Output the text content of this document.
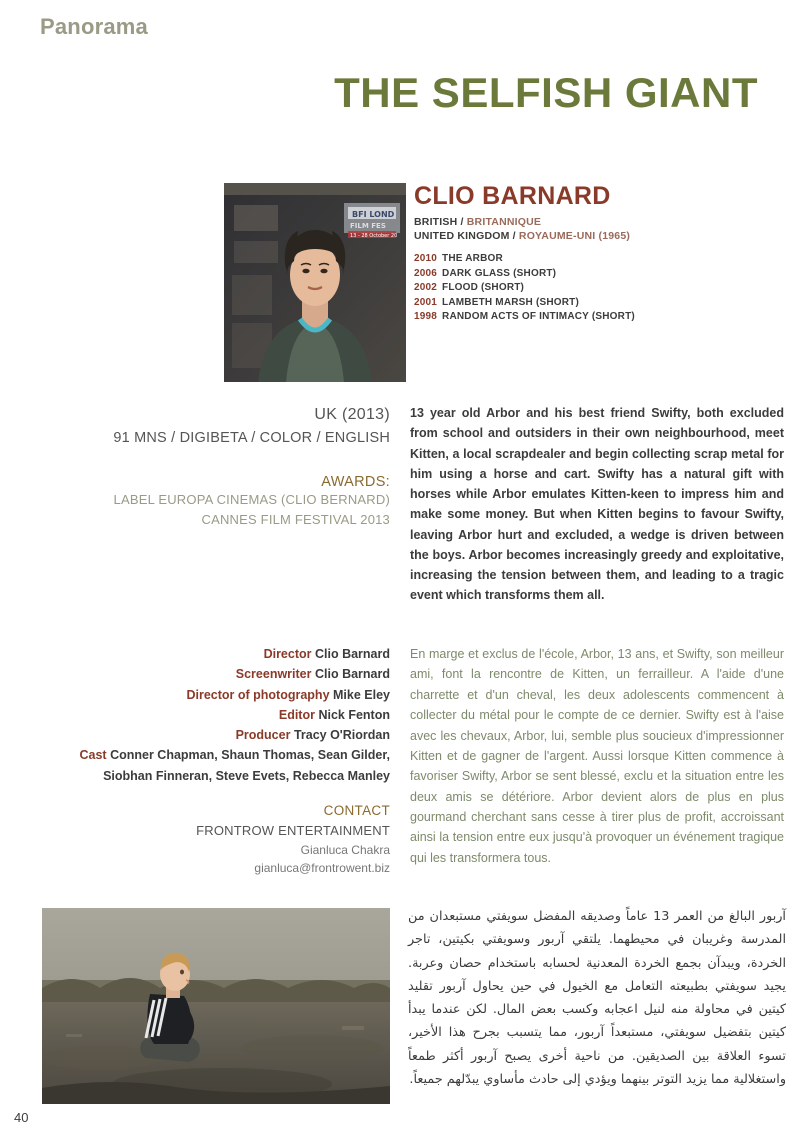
Panorama
THE SELFISH GIANT
BFI LOND
FILM FES
13 - 28 October 20
CLIO BARNARD
BRITISH / BRITANNIQUE
UNITED KINGDOM / ROYAUME-UNI (1965)
2010 THE ARBOR
2006 DARK GLASS (SHORT)
2002 FLOOD (SHORT)
2001 LAMBETH MARSH (SHORT)
1998 RANDOM ACTS OF INTIMACY (SHORT)
UK (2013)
91 MNS / DIGIBETA / COLOR / ENGLISH
AWARDS:
LABEL EUROPA CINEMAS (CLIO BERNARD)
CANNES FILM FESTIVAL 2013
13 year old Arbor and his best friend Swifty, both excluded from school and outsiders in their own neighbourhood, meet Kitten, a local scrapdealer and begin collecting scrap metal for him using a horse and cart. Swifty has a natural gift with horses while Arbor emulates Kitten-keen to impress him and make some money. But when Kitten begins to favour Swifty, leaving Arbor hurt and excluded, a wedge is driven between the boys. Arbor becomes increasingly greedy and exploitative, increasing the tension between them, and leading to a tragic event which transforms them all.
Director Clio Barnard
Screenwriter Clio Barnard
Director of photography Mike Eley
Editor Nick Fenton
Producer Tracy O'Riordan
Cast Conner Chapman, Shaun Thomas, Sean Gilder, Siobhan Finneran, Steve Evets, Rebecca Manley
CONTACT
FRONTROW ENTERTAINMENT
Gianluca Chakra
gianluca@frontrowent.biz
En marge et exclus de l'école, Arbor, 13 ans, et Swifty, son meilleur ami, font la rencontre de Kitten, un ferrailleur. A l'aide d'une charrette et d'un cheval, les deux adolescents commencent à collecter du métal pour le compte de ce dernier. Swifty est à l'aise avec les chevaux, Arbor, lui, semble plus soucieux d'impressionner Kitten et de gagner de l'argent. Aussi lorsque Kitten commence à favoriser Swifty, Arbor se sent blessé, exclu et la situation entre les deux amis se détériore. Arbor devient alors de plus en plus gourmand cherchant sans cesse à tirer plus de profit, accroissant ainsi la tension entre eux jusqu'à provoquer un événement tragique qui les transformera tous.
آربور البالغ من العمر 13 عاماً وصديقه المفضل سويفتي مستبعدان من المدرسة وغريبان في محيطهما. يلتقي آربور وسويفتي بكيتين، تاجر الخردة، ويبدآن بجمع الخردة المعدنية لحسابه باستخدام حصان وعربة. يجيد سويفتي بطبيعته التعامل مع الخيول في حين يحاول آربور تقليد كيتين في محاولة منه لنيل اعجابه وكسب بعض المال. لكن عندما يبدأ كيتين بتفضيل سويفتي، مستبعداً آربور، مما يتسبب بجرح هذا الأخير، تسوء العلاقة بين الصديقين. من ناحية أخرى يصبح آربور أكثر طمعاً واستغلالية مما يزيد التوتر بينهما ويؤدي إلى حادث مأساوي يبدّلهم جميعاً.
40
